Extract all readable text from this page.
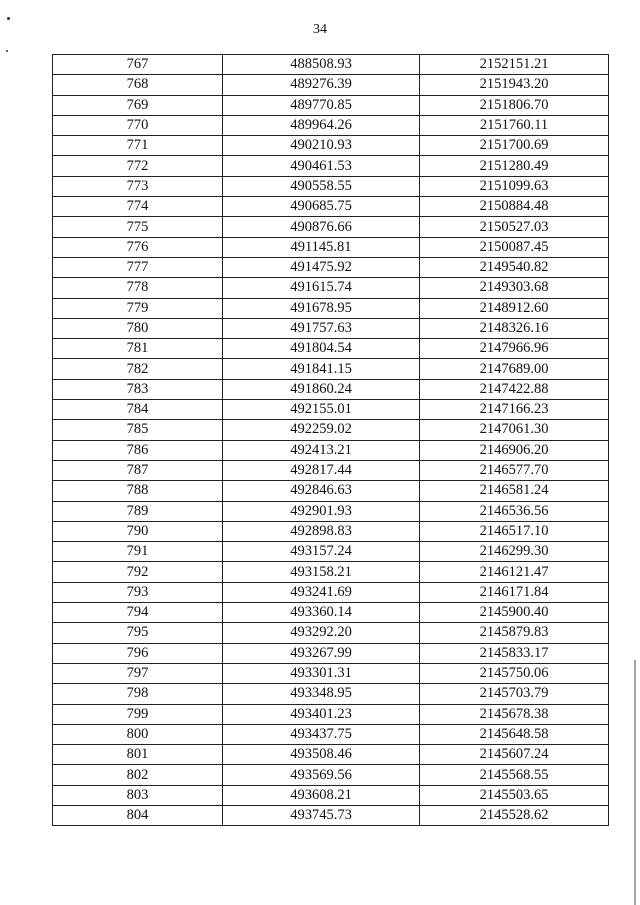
34
767	488508.93	2152151.21
768	489276.39	2151943.20
769	489770.85	2151806.70
770	489964.26	2151760.11
771	490210.93	2151700.69
772	490461.53	2151280.49
773	490558.55	2151099.63
774	490685.75	2150884.48
775	490876.66	2150527.03
776	491145.81	2150087.45
777	491475.92	2149540.82
778	491615.74	2149303.68
779	491678.95	2148912.60
780	491757.63	2148326.16
781	491804.54	2147966.96
782	491841.15	2147689.00
783	491860.24	2147422.88
784	492155.01	2147166.23
785	492259.02	2147061.30
786	492413.21	2146906.20
787	492817.44	2146577.70
788	492846.63	2146581.24
789	492901.93	2146536.56
790	492898.83	2146517.10
791	493157.24	2146299.30
792	493158.21	2146121.47
793	493241.69	2146171.84
794	493360.14	2145900.40
795	493292.20	2145879.83
796	493267.99	2145833.17
797	493301.31	2145750.06
798	493348.95	2145703.79
799	493401.23	2145678.38
800	493437.75	2145648.58
801	493508.46	2145607.24
802	493569.56	2145568.55
803	493608.21	2145503.65
804	493745.73	2145528.62
